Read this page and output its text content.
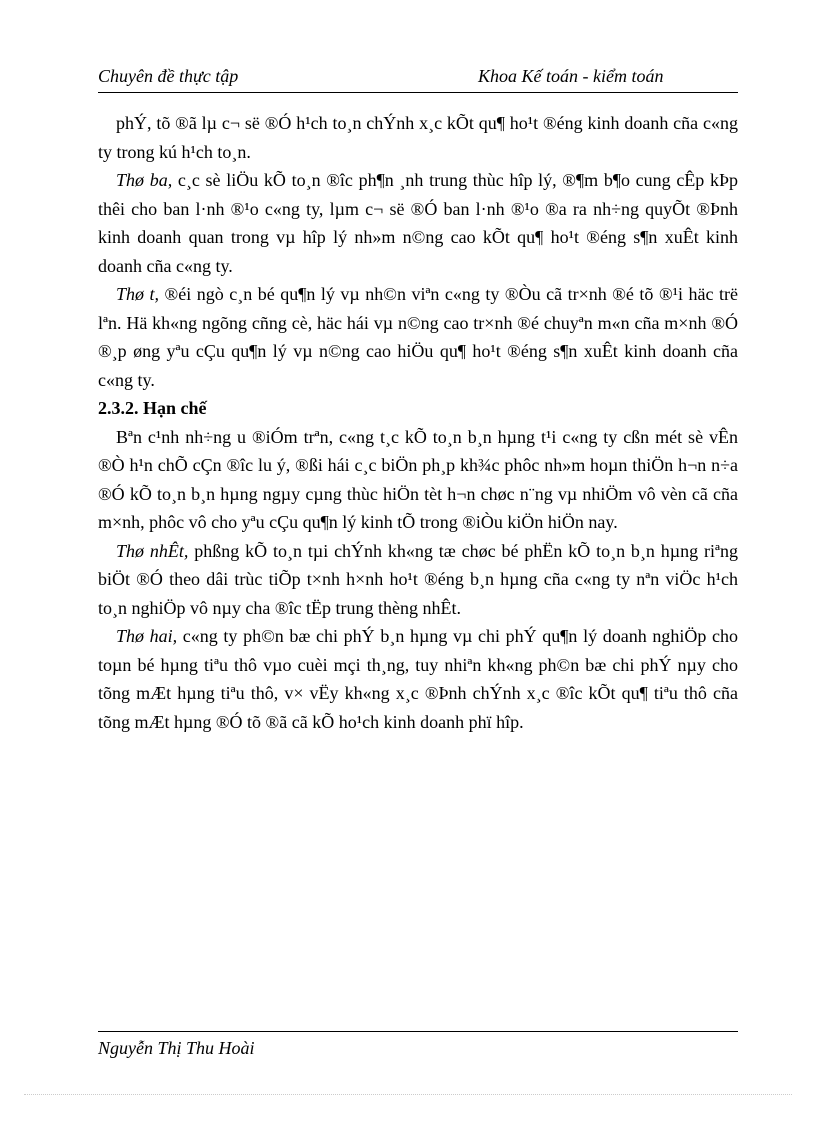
Chuyên đề thực tập	Khoa Kế toán - kiểm toán

phÝ, tõ ®ã lµ c¬ së ®Ó h¹ch to¸n chÝnh x¸c kÕt qu¶ ho¹t ®éng kinh doanh cña c«ng ty trong kú h¹ch to¸n.

Thø ba, c¸c sè liÖu kÕ to¸n ®îc ph¶n ¸nh trung thùc hîp lý, ®¶m b¶o cung cÊp kÞp thêi cho ban l·nh ®¹o c«ng ty, lµm c¬ së ®Ó ban l·nh ®¹o ®a ra nh÷ng quyÕt ®Þnh kinh doanh quan trong vµ hîp lý nh»m n©ng cao kÕt qu¶ ho¹t ®éng s¶n xuÊt kinh doanh cña c«ng ty.

Thø t, ®éi ngò c¸n bé qu¶n lý vµ nh©n viªn c«ng ty ®Òu cã tr×nh ®é tõ ®¹i häc trë lªn. Hä kh«ng ngõng cñng cè, häc hái vµ n©ng cao tr×nh ®é chuyªn m«n cña m×nh ®Ó ®¸p øng yªu cÇu qu¶n lý vµ n©ng cao hiÖu qu¶ ho¹t ®éng s¶n xuÊt kinh doanh cña c«ng ty.

2.3.2. Hạn chế

Bªn c¹nh nh÷ng u ®iÓm trªn, c«ng t¸c kÕ to¸n b¸n hµng t¹i c«ng ty cßn mét sè vÊn ®Ò h¹n chÕ cÇn ®îc lu ý, ®ßi hái c¸c biÖn ph¸p kh¾c phôc nh»m hoµn thiÖn h¬n n÷a ®Ó kÕ to¸n b¸n hµng ngµy cµng thùc hiÖn tèt h¬n chøc n¨ng vµ nhiÖm vô vèn cã cña m×nh, phôc vô cho yªu cÇu qu¶n lý kinh tÕ trong ®iÒu kiÖn hiÖn nay.

Thø nhÊt, phßng kÕ to¸n tµi chÝnh kh«ng tæ chøc bé phËn kÕ to¸n b¸n hµng riªng biÖt ®Ó theo dâi trùc tiÕp t×nh h×nh ho¹t ®éng b¸n hµng cña c«ng ty nªn viÖc h¹ch to¸n nghiÖp vô nµy cha ®îc tËp trung thèng nhÊt.

Thø hai, c«ng ty ph©n bæ chi phÝ b¸n hµng vµ chi phÝ qu¶n lý doanh nghiÖp cho toµn bé hµng tiªu thô vµo cuèi mçi th¸ng, tuy nhiªn kh«ng ph©n bæ chi phÝ nµy cho tõng mÆt hµng tiªu thô, v× vËy kh«ng x¸c ®Þnh chÝnh x¸c ®îc kÕt qu¶ tiªu thô cña tõng mÆt hµng ®Ó tõ ®ã cã kÕ ho¹ch kinh doanh phï hîp.

Nguyễn Thị Thu Hoài
